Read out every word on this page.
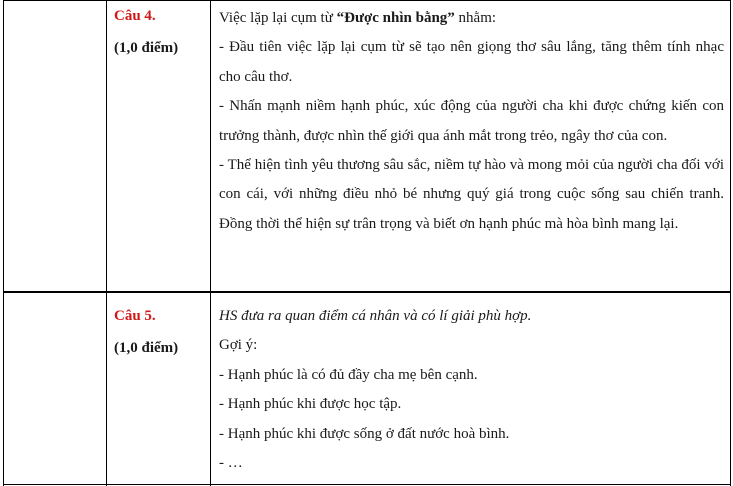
Câu 4.
(1,0 điểm)

Việc lặp lại cụm từ “Được nhìn bằng” nhằm:

- Đầu tiên việc lặp lại cụm từ sẽ tạo nên giọng thơ sâu lắng, tăng thêm tính nhạc cho câu thơ.

- Nhấn mạnh niềm hạnh phúc, xúc động của người cha khi được chứng kiến con trưởng thành, được nhìn thế giới qua ánh mắt trong trẻo, ngây thơ của con.

- Thể hiện tình yêu thương sâu sắc, niềm tự hào và mong mỏi của người cha đối với con cái, với những điều nhỏ bé nhưng quý giá trong cuộc sống sau chiến tranh. Đồng thời thể hiện sự trân trọng và biết ơn hạnh phúc mà hòa bình mang lại.

Câu 5.
(1,0 điểm)

HS đưa ra quan điểm cá nhân và có lí giải phù hợp.

Gợi ý:

- Hạnh phúc là có đủ đầy cha mẹ bên cạnh.

- Hạnh phúc khi được học tập.

- Hạnh phúc khi được sống ở đất nước hoà bình.

- …
